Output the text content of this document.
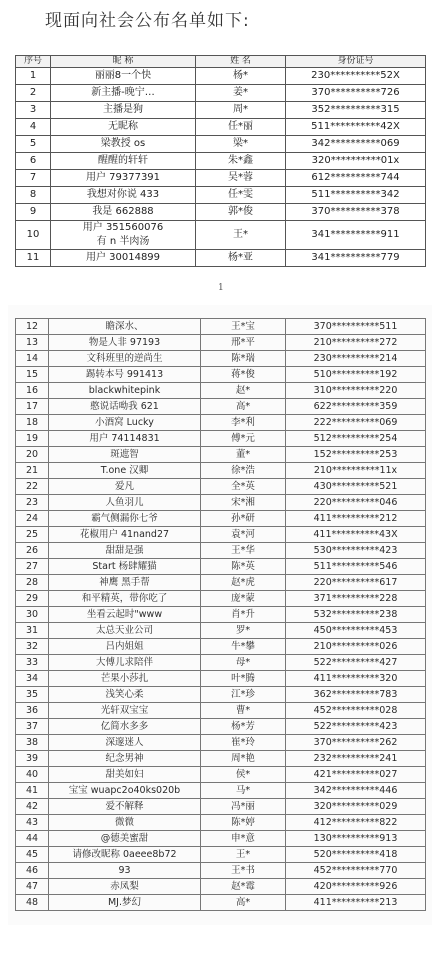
现面向社会公布名单如下:
序号	昵 称	姓 名	身份证号
1	丽丽8一个快	杨*	230**********52X
2	新主播-晚宁…	姜*	370**********726
3	主播是狗	周*	352**********315
4	无昵称	任*丽	511**********42X
5	梁教授 os	梁*	342**********069
6	醒醒的轩轩	朱*鑫	320**********01x
7	用户 79377391	吴*蓉	612**********744
8	我想对你说 433	任*雯	511**********342
9	我是 662888	郭*俊	370**********378
10	用户 351560076
有 n 半肉汤	王*	341**********911
11	用户 30014899	杨*亚	341**********779
1
12	瞻深水、	王*宝	370**********511
13	物是人非 97193	邢*平	210**********272
14	文科班里的逆尚生	陈*瑞	230**********214
15	踢转本号 991413	蒋*俊	510**********192
16	blackwhitepink	赵*	310**********220
17	憨说话呦我 621	高*	622**********359
18	小酒窝 Lucky	李*利	222**********069
19	用户 74114831	傅*元	512**********254
20	斑遮智	董*	152**********253
21	T.one 汉卿	徐*浩	210**********11x
22	爱凡	全*英	430**********521
23	人鱼羽儿	宋*湘	220**********046
24	霸气侧漏你七爷	孙*研	411**********212
25	花椒用户 41nand27	袁*河	411**********43X
26	甜甜是强	王*华	530**********423
27	Start 杨肆耀猫	陈*英	511**********546
28	神鹰 黑手帮	赵*虎	220**********617
29	和平精英，带你吃了	庞*蒙	371**********228
30	坐看云起时"www	肖*升	532**********238
31	太总天业公司	罗*	450**********453
32	吕内姐姐	牛*攀	210**********026
33	大傅儿求陪伴	母*	522**********427
34	芒果小莎扎	叶*腾	411**********320
35	浅笑心柔	江*珍	362**********783
36	光轩双宝宝	曹*	452**********028
37	亿简水多多	杨*芳	522**********423
38	深邃迷人	崔*玲	370**********262
39	纪念男神	周*艳	232**********241
40	甜美如妇	侯*	421**********027
41	宝宝 wuapc2o40ks020b	马*	342**********446
42	爱不解释	冯*丽	320**********029
43	微微	陈*婷	412**********822
44	@德美蜜甜	申*意	130**********913
45	请修改昵称 0aeee8b72	王*	520**********418
46	93	王*书	452**********770
47	赤凤梨	赵*霉	420**********926
48	MJ.梦幻	高*	411**********213
